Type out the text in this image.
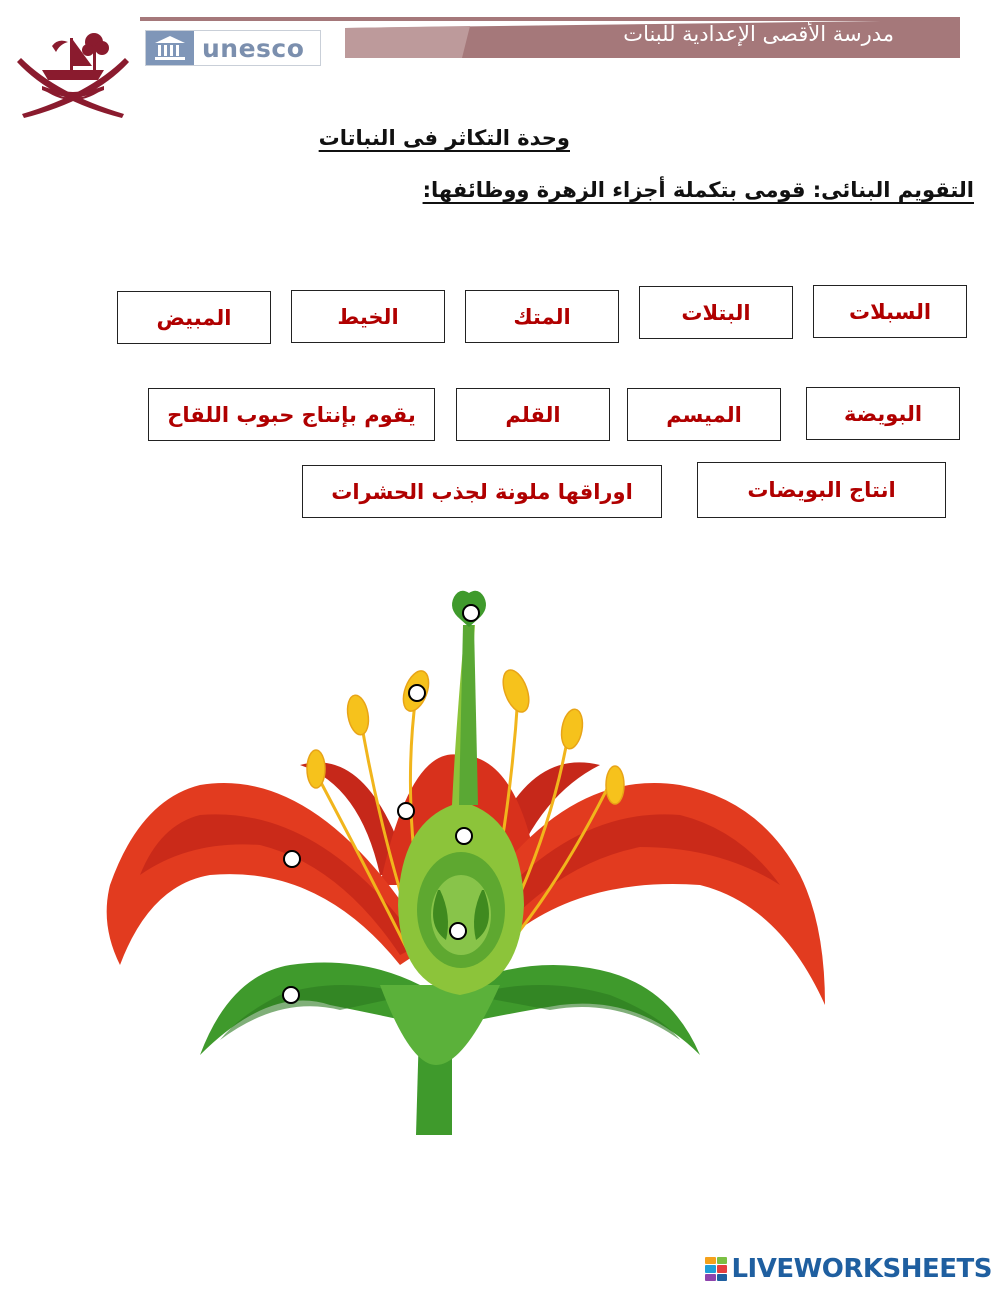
مدرسة الأقصى الإعدادية للبنات
unesco
وحدة التكاثر فى النباتات
التقويم البنائى: قومى بتكملة أجزاء الزهرة ووظائفها:
السبلات
البتلات
المتك
الخيط
المبيض
البويضة
الميسم
القلم
يقوم بإنتاج حبوب اللقاح
انتاج البويضات
اوراقها ملونة لجذب الحشرات
LIVEWORKSHEETS
